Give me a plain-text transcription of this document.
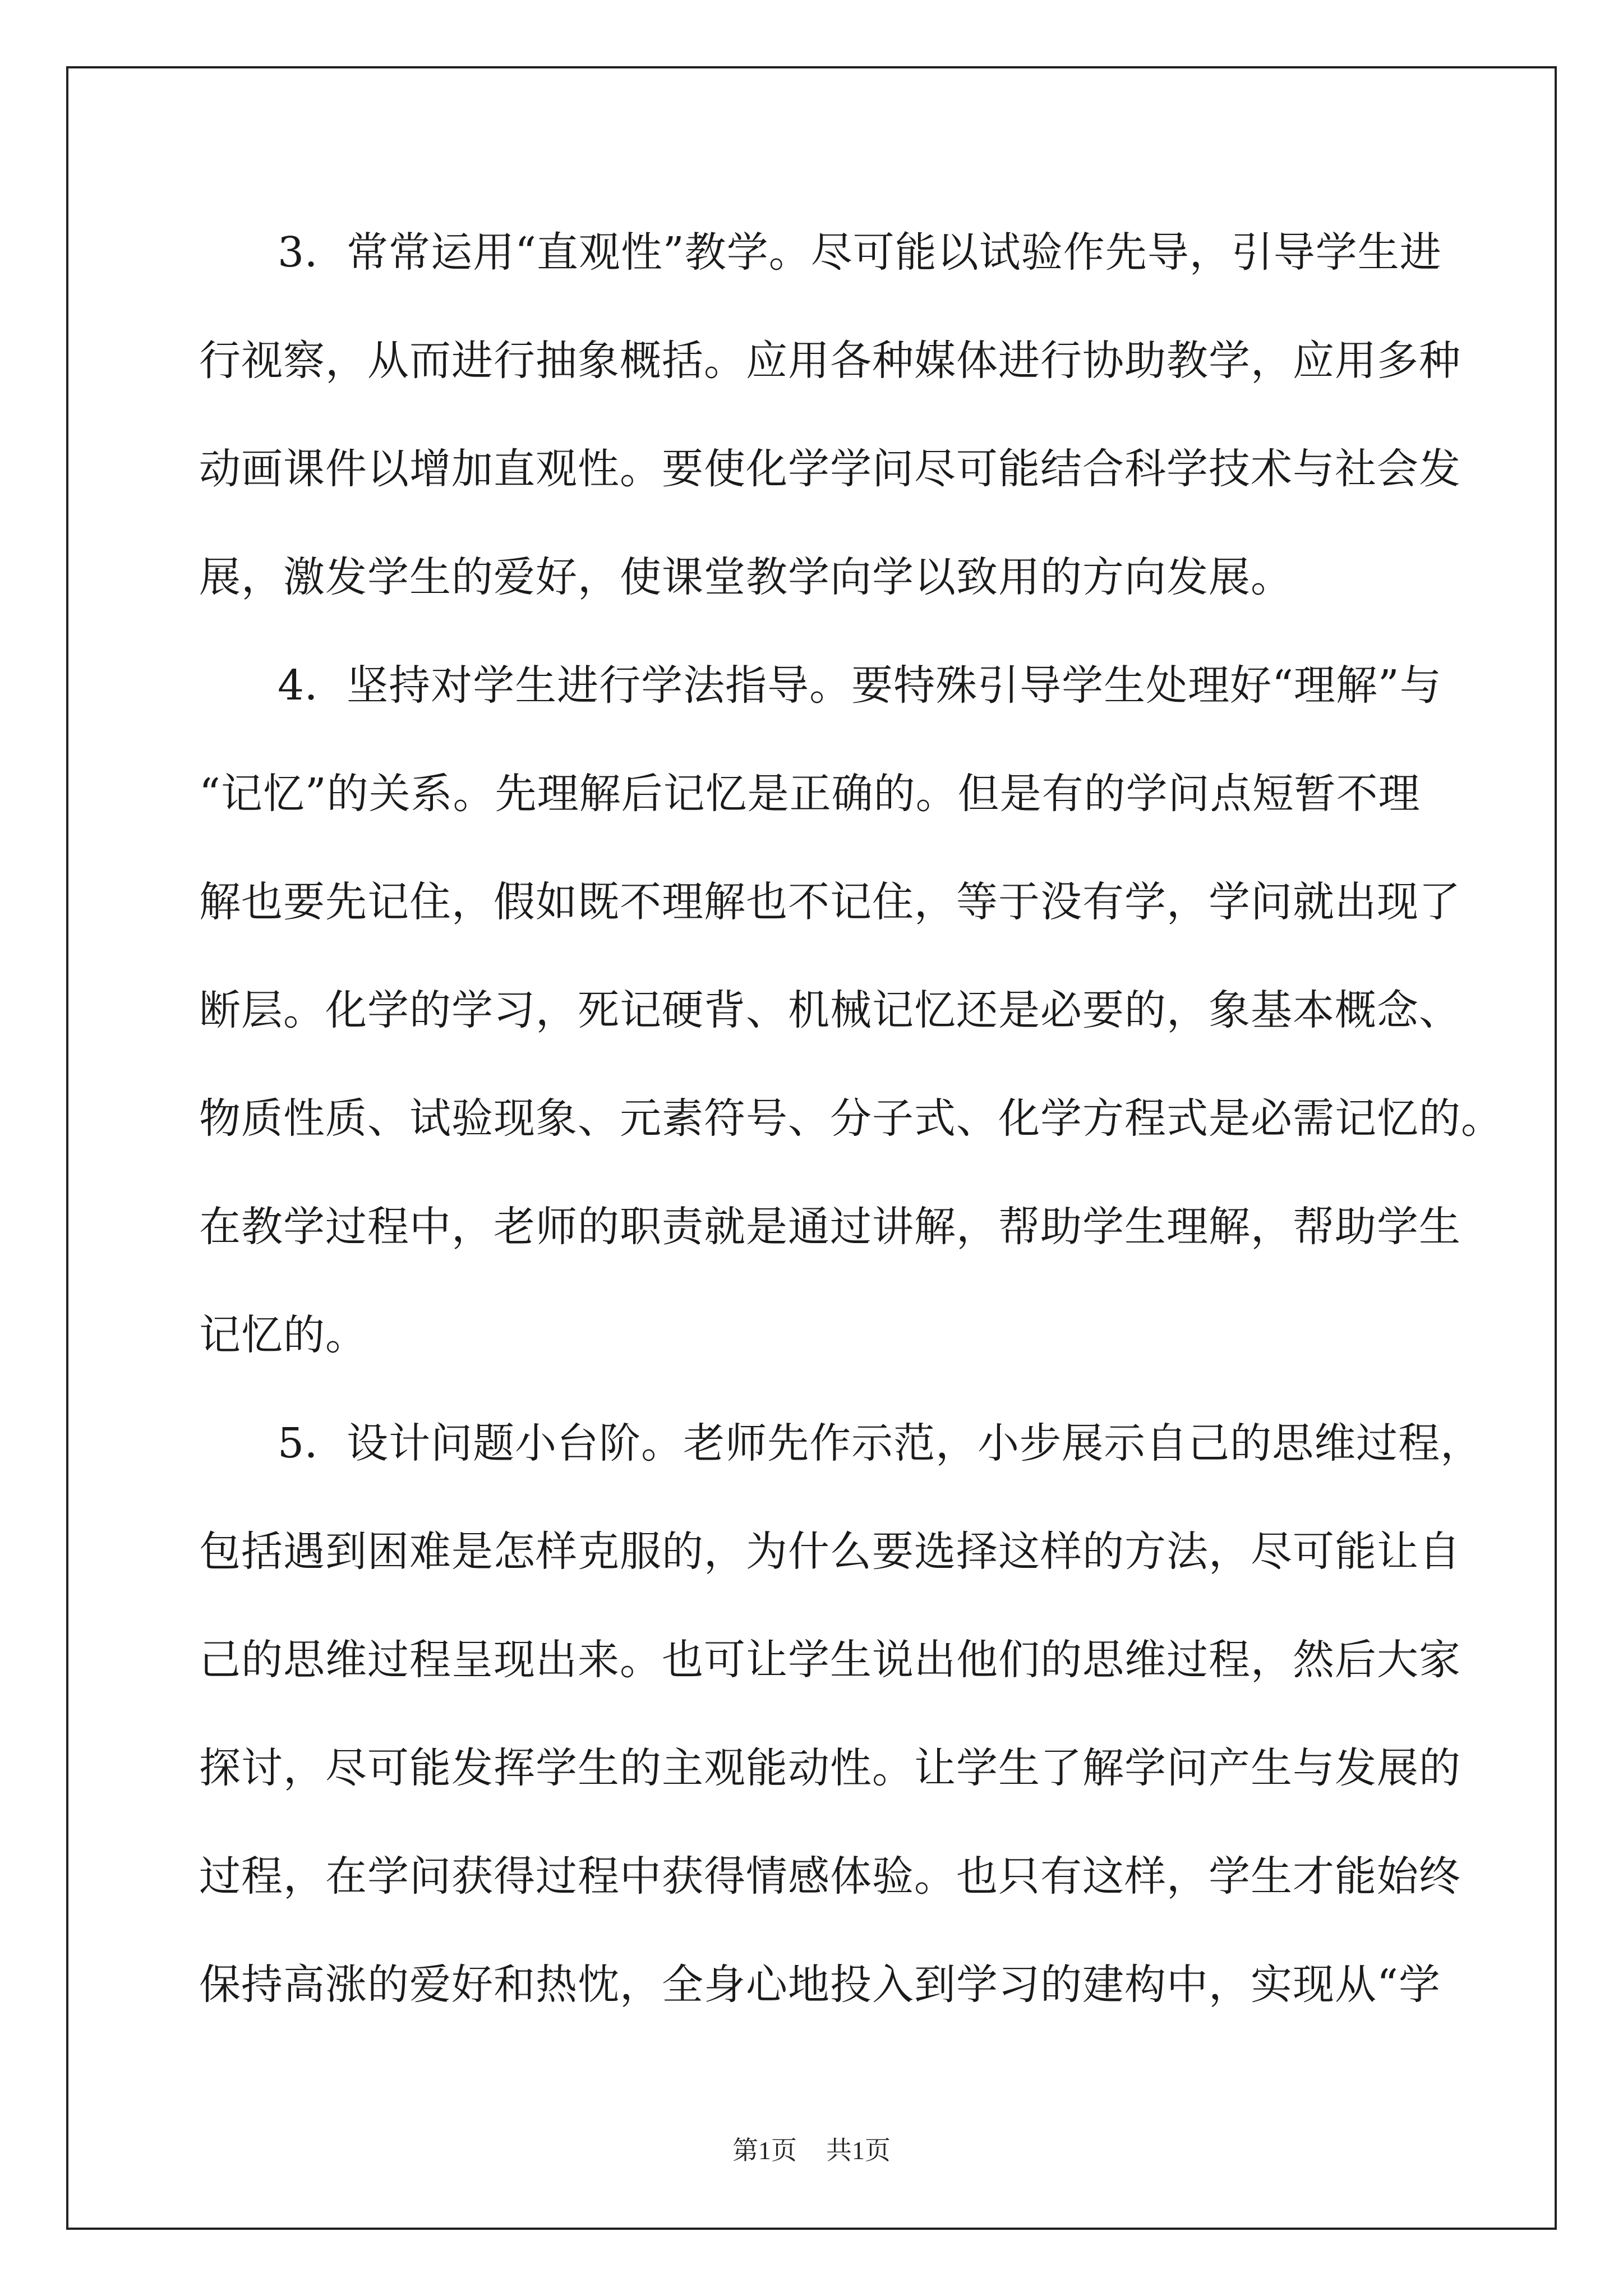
3．常常运用“直观性”教学。尽可能以试验作先导，引导学生进
行视察，从而进行抽象概括。应用各种媒体进行协助教学，应用多种
动画课件以增加直观性。要使化学学问尽可能结合科学技术与社会发
展，激发学生的爱好，使课堂教学向学以致用的方向发展。
4．坚持对学生进行学法指导。要特殊引导学生处理好“理解”与
“记忆”的关系。先理解后记忆是正确的。但是有的学问点短暂不理
解也要先记住，假如既不理解也不记住，等于没有学，学问就出现了
断层。化学的学习，死记硬背、机械记忆还是必要的，象基本概念、
物质性质、试验现象、元素符号、分子式、化学方程式是必需记忆的。
在教学过程中，老师的职责就是通过讲解，帮助学生理解，帮助学生
记忆的。
5．设计问题小台阶。老师先作示范，小步展示自己的思维过程，
包括遇到困难是怎样克服的，为什么要选择这样的方法，尽可能让自
己的思维过程呈现出来。也可让学生说出他们的思维过程，然后大家
探讨，尽可能发挥学生的主观能动性。让学生了解学问产生与发展的
过程，在学问获得过程中获得情感体验。也只有这样，学生才能始终
保持高涨的爱好和热忱，全身心地投入到学习的建构中，实现从“学
第1页 共1页
